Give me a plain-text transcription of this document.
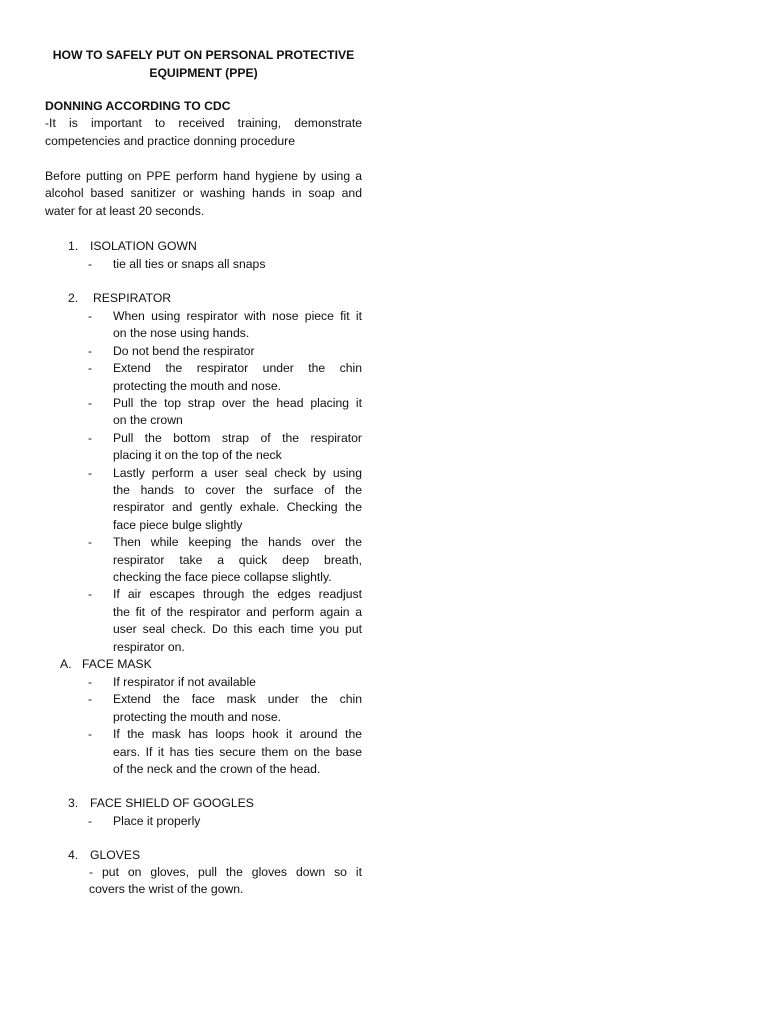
HOW TO SAFELY PUT ON PERSONAL PROTECTIVE
EQUIPMENT (PPE)
DONNING ACCORDING TO CDC
-It is important to received training, demonstrate
competencies and practice donning procedure
Before putting on PPE perform hand hygiene by using a
alcohol based sanitizer or washing hands in soap and
water for at least 20 seconds.
1. ISOLATION GOWN
- tie all ties or snaps all snaps
2. RESPIRATOR
- When using respirator with nose piece fit it
on the nose using hands.
- Do not bend the respirator
- Extend the respirator under the chin
protecting the mouth and nose.
- Pull the top strap over the head placing it
on the crown
- Pull the bottom strap of the respirator
placing it on the top of the neck
- Lastly perform a user seal check by using
the hands to cover the surface of the
respirator and gently exhale. Checking the
face piece bulge slightly
- Then while keeping the hands over the
respirator take a quick deep breath,
checking the face piece collapse slightly.
- If air escapes through the edges readjust
the fit of the respirator and perform again a
user seal check. Do this each time you put
respirator on.
A. FACE MASK
- If respirator if not available
- Extend the face mask under the chin
protecting the mouth and nose.
- If the mask has loops hook it around the
ears. If it has ties secure them on the base
of the neck and the crown of the head.
3. FACE SHIELD OF GOOGLES
- Place it properly
4. GLOVES
- put on gloves, pull the gloves down so it
covers the wrist of the gown.
